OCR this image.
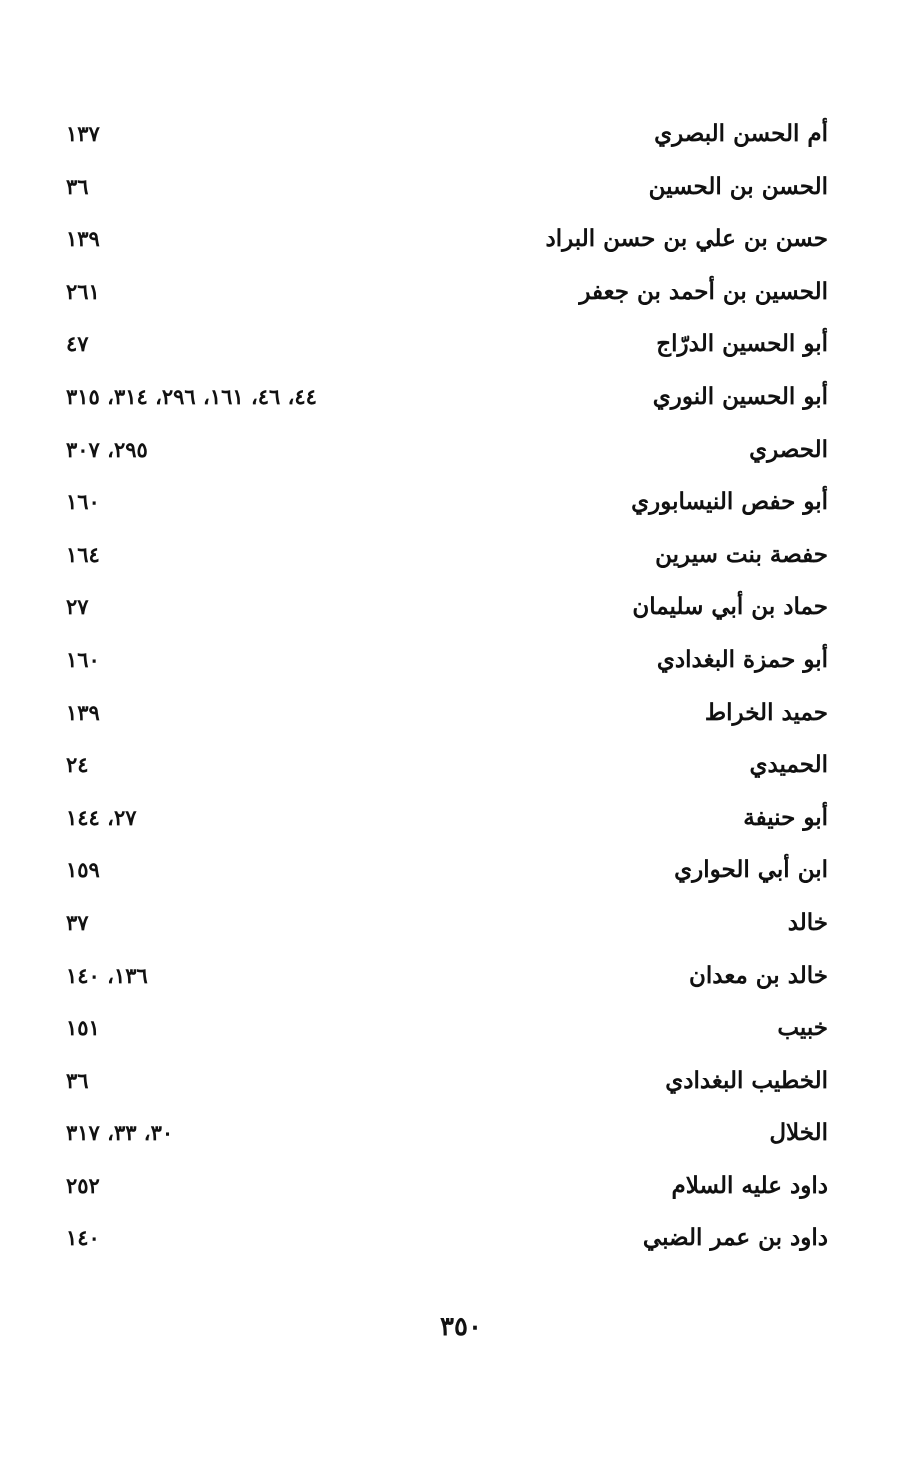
أم الحسن البصري
١٣٧
الحسن بن الحسين
٣٦
حسن بن علي بن حسن البراد
١٣٩
الحسين بن أحمد بن جعفر
٢٦١
أبو الحسين الدرّاج
٤٧
أبو الحسين النوري
٤٤، ٤٦، ١٦١، ٢٩٦، ٣١٤، ٣١٥
الحصري
٢٩٥، ٣٠٧
أبو حفص النيسابوري
١٦٠
حفصة بنت سيرين
١٦٤
حماد بن أبي سليمان
٢٧
أبو حمزة البغدادي
١٦٠
حميد الخراط
١٣٩
الحميدي
٢٤
أبو حنيفة
٢٧، ١٤٤
ابن أبي الحواري
١٥٩
خالد
٣٧
خالد بن معدان
١٣٦، ١٤٠
خبيب
١٥١
الخطيب البغدادي
٣٦
الخلال
٣٠، ٣٣، ٣١٧
داود عليه السلام
٢٥٢
داود بن عمر الضبي
١٤٠
٣٥٠
